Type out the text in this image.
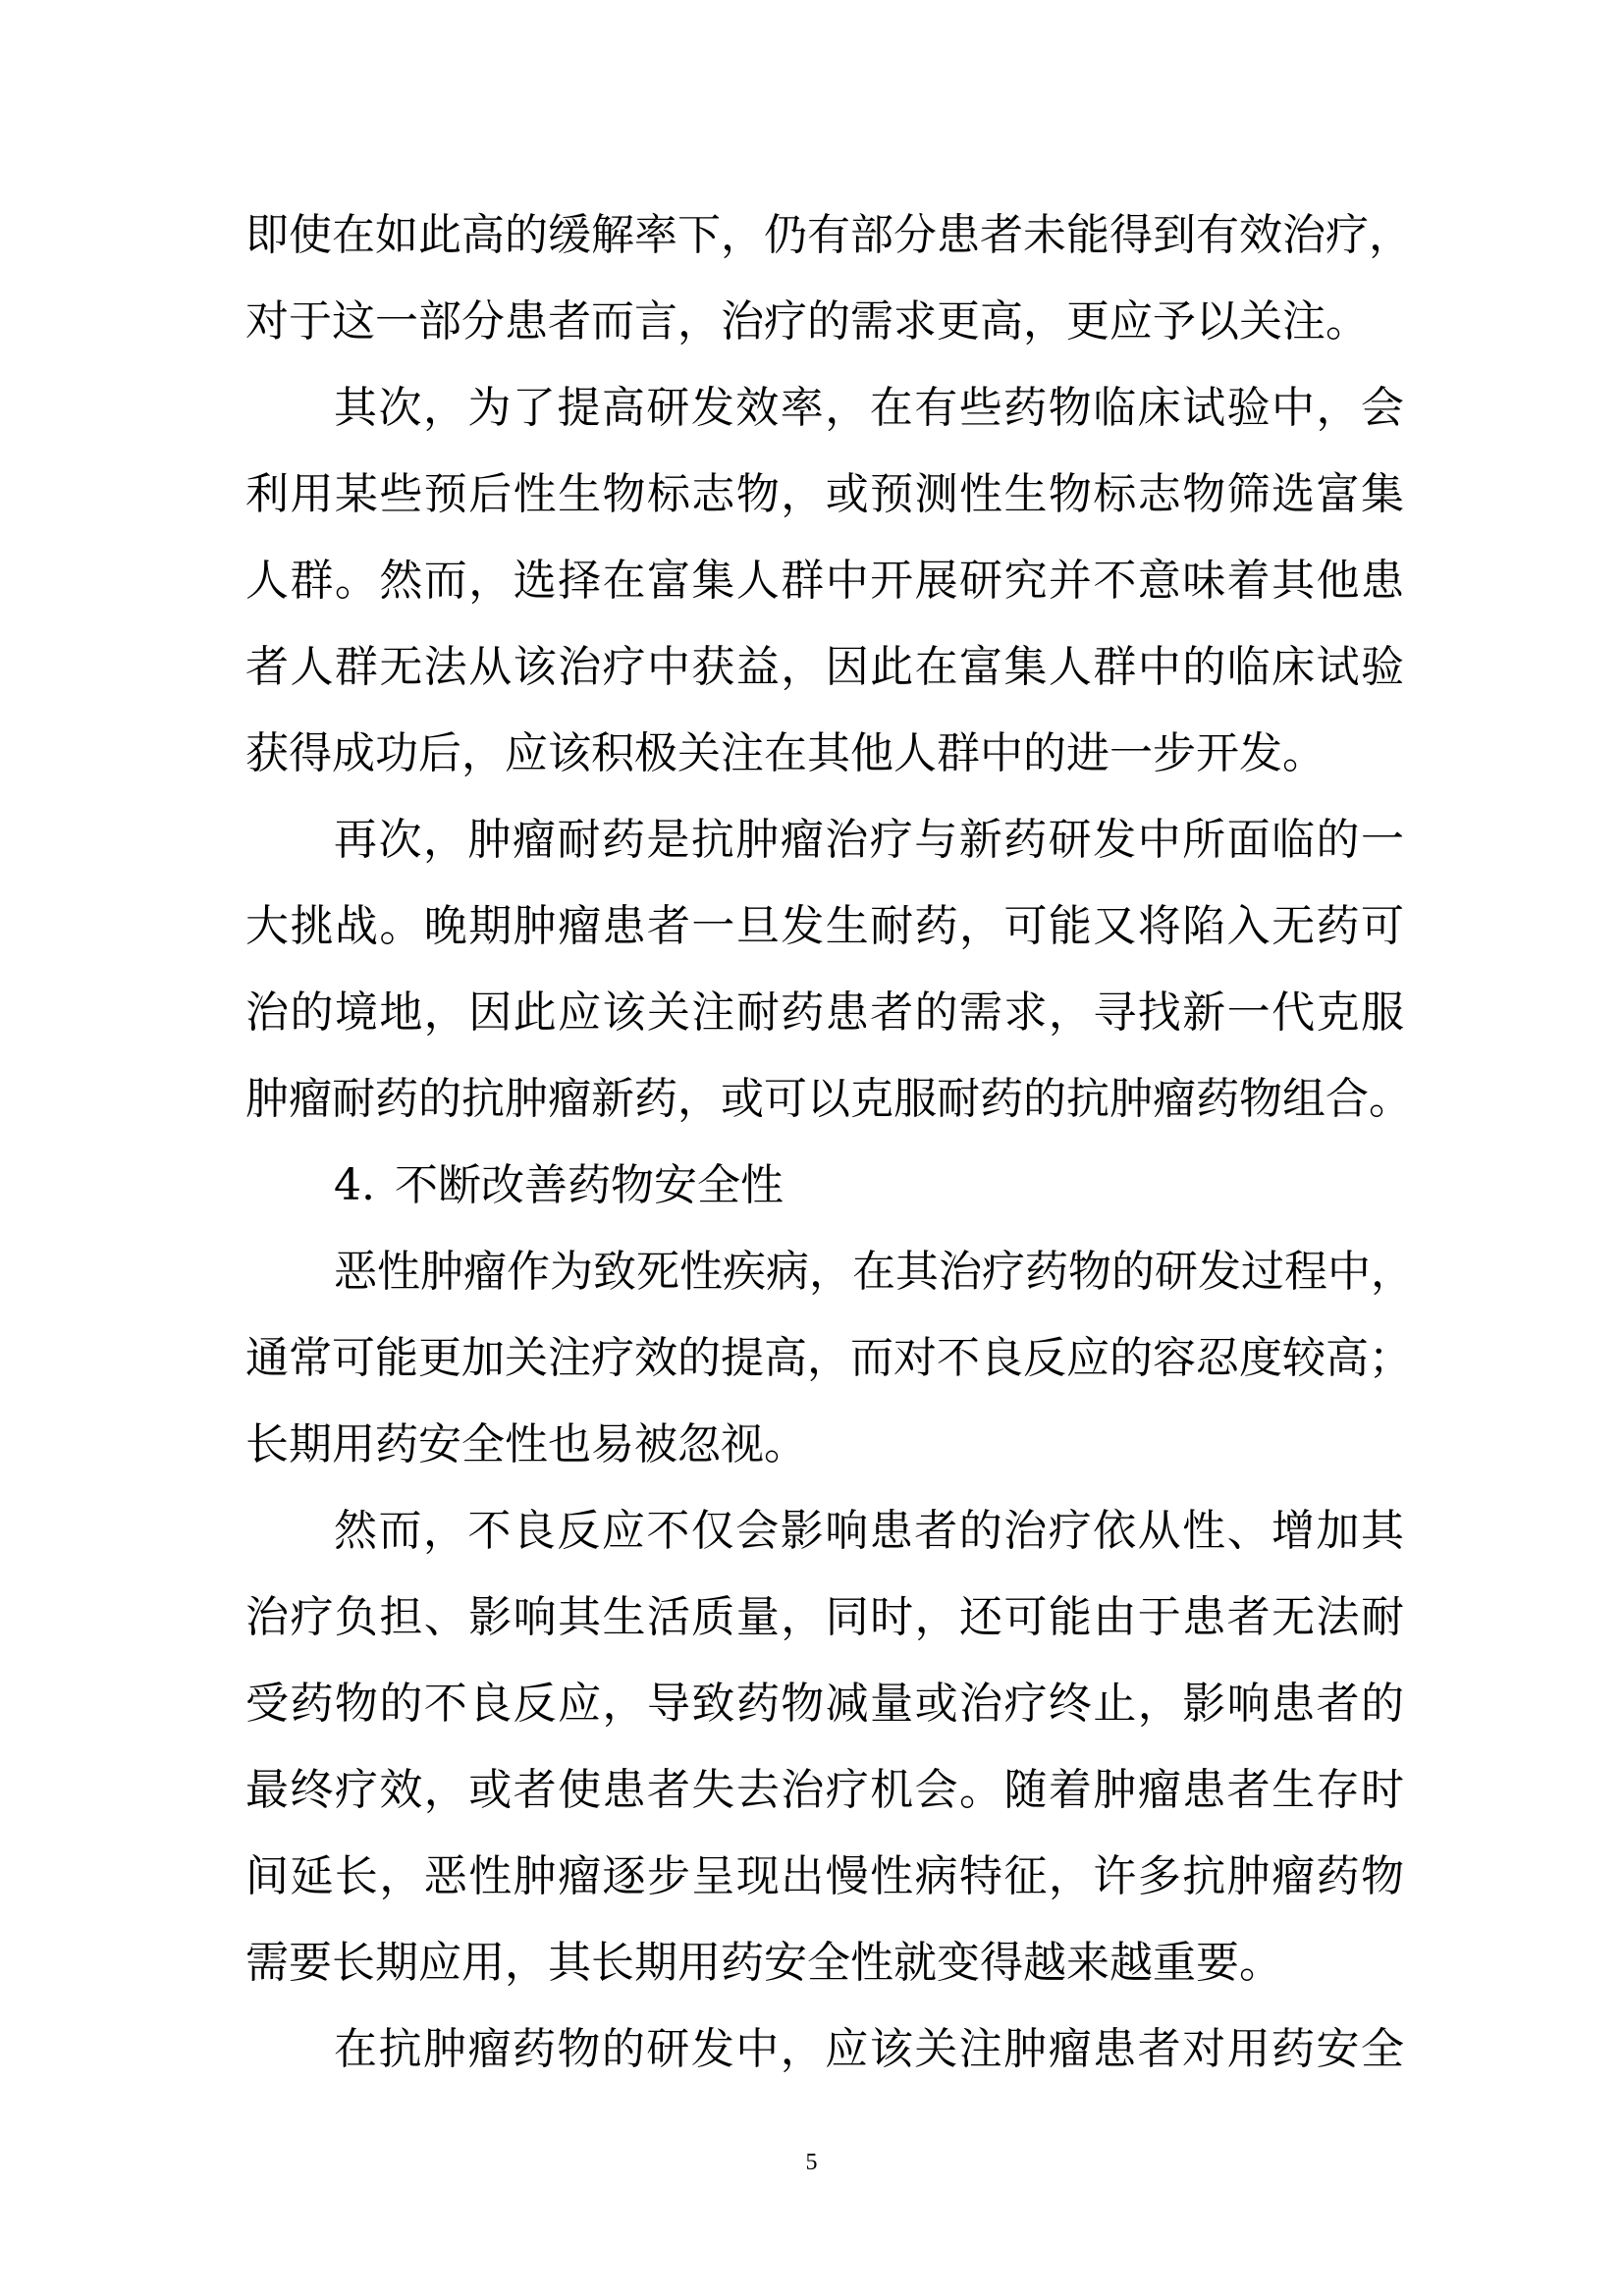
即使在如此高的缓解率下，仍有部分患者未能得到有效治疗，
对于这一部分患者而言，治疗的需求更高，更应予以关注。
其次，为了提高研发效率，在有些药物临床试验中，会
利用某些预后性生物标志物，或预测性生物标志物筛选富集
人群。然而，选择在富集人群中开展研究并不意味着其他患
者人群无法从该治疗中获益，因此在富集人群中的临床试验
获得成功后，应该积极关注在其他人群中的进一步开发。
再次，肿瘤耐药是抗肿瘤治疗与新药研发中所面临的一
大挑战。晚期肿瘤患者一旦发生耐药，可能又将陷入无药可
治的境地，因此应该关注耐药患者的需求，寻找新一代克服
肿瘤耐药的抗肿瘤新药，或可以克服耐药的抗肿瘤药物组合。
4. 不断改善药物安全性
恶性肿瘤作为致死性疾病，在其治疗药物的研发过程中，
通常可能更加关注疗效的提高，而对不良反应的容忍度较高；
长期用药安全性也易被忽视。
然而，不良反应不仅会影响患者的治疗依从性、增加其
治疗负担、影响其生活质量，同时，还可能由于患者无法耐
受药物的不良反应，导致药物减量或治疗终止，影响患者的
最终疗效，或者使患者失去治疗机会。随着肿瘤患者生存时
间延长，恶性肿瘤逐步呈现出慢性病特征，许多抗肿瘤药物
需要长期应用，其长期用药安全性就变得越来越重要。
在抗肿瘤药物的研发中，应该关注肿瘤患者对用药安全
5
